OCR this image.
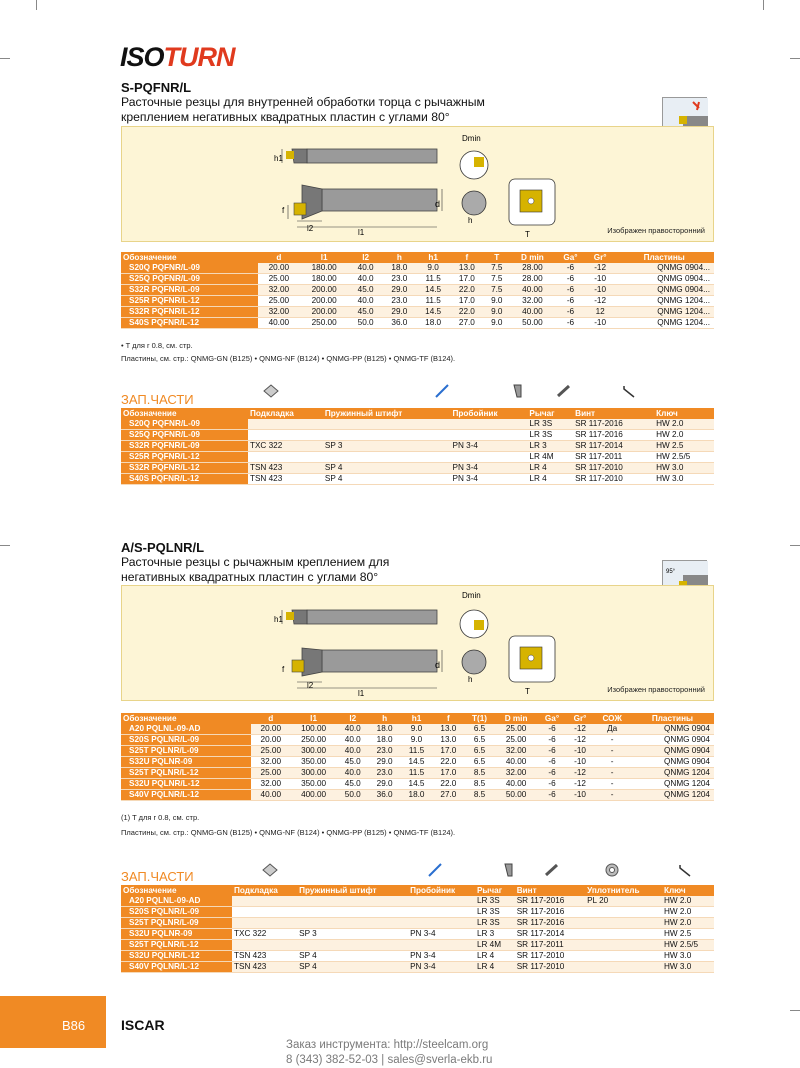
ISOTURN
S-PQFNR/L
Расточные резцы для внутренней обработки торца с рычажным
креплением негативных квадратных пластин с углами 80°
h1
f
l2	l1
d
Dmin
h
T	Изображен правосторонний
Обозначение	d	l1	l2	h	h1	f	T	D min	Gа°	Gr°	Пластины
S20Q PQFNR/L-09	20.00	180.00	40.0	18.0	9.0	13.0	7.5	28.00	-6	-12	QNMG 0904...
S25Q PQFNR/L-09	25.00	180.00	40.0	23.0	11.5	17.0	7.5	28.00	-6	-10	QNMG 0904...
S32R PQFNR/L-09	32.00	200.00	45.0	29.0	14.5	22.0	7.5	40.00	-6	-10	QNMG 0904...
S25R PQFNR/L-12	25.00	200.00	40.0	23.0	11.5	17.0	9.0	32.00	-6	-12	QNMG 1204...
S32R PQFNR/L-12	32.00	200.00	45.0	29.0	14.5	22.0	9.0	40.00	-6	12	QNMG 1204...
S40S PQFNR/L-12	40.00	250.00	50.0	36.0	18.0	27.0	9.0	50.00	-6	-10	QNMG 1204...
• T для r 0.8, см. стр.
Пластины, см. стр.: QNMG-GN (B125) • QNMG-NF (B124) • QNMG-PP (B125) • QNMG-TF (B124).
ЗАП.ЧАСТИ
Обозначение	Подкладка	Пружинный штифт	Пробойник	Рычаг	Винт	Ключ
S20Q PQFNR/L-09				LR 3S	SR 117-2016	HW 2.0
S25Q PQFNR/L-09				LR 3S	SR 117-2016	HW 2.0
S32R PQFNR/L-09	TXC 322	SP 3	PN 3-4	LR 3	SR 117-2014	HW 2.5
S25R PQFNR/L-12				LR 4M	SR 117-2011	HW 2.5/5
S32R PQFNR/L-12	TSN 423	SP 4	PN 3-4	LR 4	SR 117-2010	HW 3.0
S40S PQFNR/L-12	TSN 423	SP 4	PN 3-4	LR 4	SR 117-2010	HW 3.0
A/S-PQLNR/L
Расточные резцы с рычажным креплением для
негативных квадратных пластин с углами 80°	95°
h1
f
l2
l1
d
Dmin
h
T	Изображен правосторонний
Обозначение	d	l1	l2	h	h1	f	T(1)	D min	Gа°	Gr°	СОЖ	Пластины
A20 PQLNL-09-AD	20.00	100.00	40.0	18.0	9.0	13.0	6.5	25.00	-6	-12	Да	QNMG 0904
S20S PQLNR/L-09	20.00	250.00	40.0	18.0	9.0	13.0	6.5	25.00	-6	-12	-	QNMG 0904
S25T PQLNR/L-09	25.00	300.00	40.0	23.0	11.5	17.0	6.5	32.00	-6	-10	-	QNMG 0904
S32U PQLNR-09	32.00	350.00	45.0	29.0	14.5	22.0	6.5	40.00	-6	-10	-	QNMG 0904
S25T PQLNR/L-12	25.00	300.00	40.0	23.0	11.5	17.0	8.5	32.00	-6	-12	-	QNMG 1204
S32U PQLNR/L-12	32.00	350.00	45.0	29.0	14.5	22.0	8.5	40.00	-6	-12	-	QNMG 1204
S40V PQLNR/L-12	40.00	400.00	50.0	36.0	18.0	27.0	8.5	50.00	-6	-10	-	QNMG 1204
(1) T для r 0.8, см. стр.
Пластины, см. стр.: QNMG-GN (B125) • QNMG-NF (B124) • QNMG-PP (B125) • QNMG-TF (B124).
ЗАП.ЧАСТИ
Обозначение	Подкладка	Пружинный штифт	Пробойник	Рычаг	Винт	Уплотнитель	Ключ
A20 PQLNL-09-AD				LR 3S	SR 117-2016	PL 20	HW 2.0
S20S PQLNR/L-09				LR 3S	SR 117-2016		HW 2.0
S25T PQLNR/L-09				LR 3S	SR 117-2016		HW 2.0
S32U PQLNR-09	TXC 322	SP 3	PN 3-4	LR 3	SR 117-2014		HW 2.5
S25T PQLNR/L-12				LR 4M	SR 117-2011		HW 2.5/5
S32U PQLNR/L-12	TSN 423	SP 4	PN 3-4	LR 4	SR 117-2010		HW 3.0
S40V PQLNR/L-12	TSN 423	SP 4	PN 3-4	LR 4	SR 117-2010		HW 3.0
B86	ISCAR
Заказ инструмента: http://steelcam.org
8 (343) 382-52-03 | sales@sverla-ekb.ru
